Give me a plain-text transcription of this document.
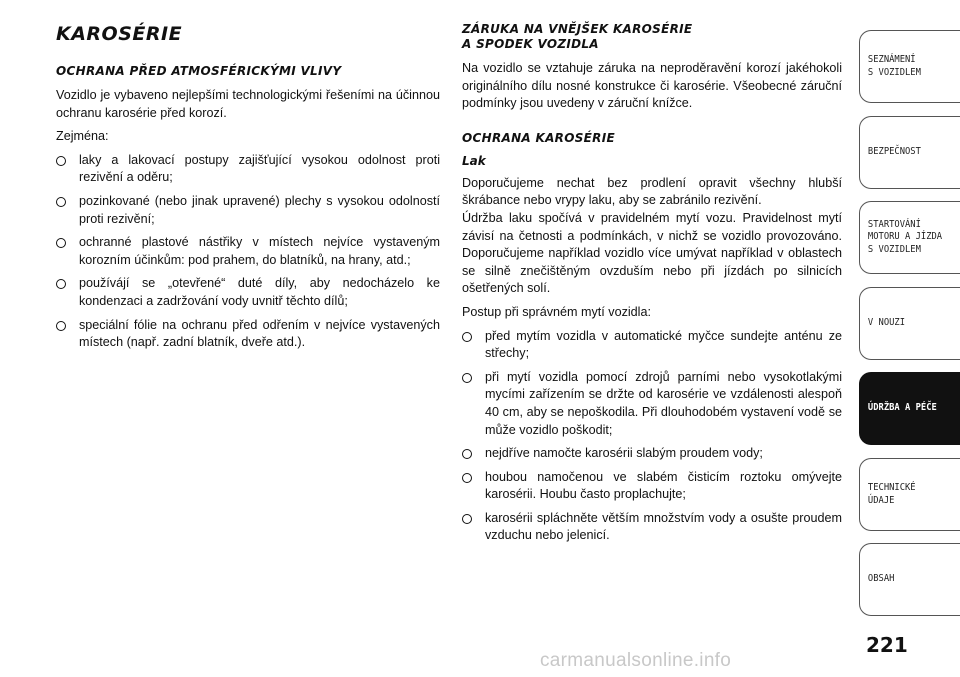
KAROSÉRIE
OCHRANA PŘED ATMOSFÉRICKÝMI VLIVY

Vozidlo je vybaveno nejlepšími technologickými řešeními na účinnou ochranu karosérie před korozí.

Zejména:

laky a lakovací postupy zajišťující vysokou odolnost proti rezivění a oděru;
pozinkované (nebo jinak upravené) plechy s vysokou odolností proti rezivění;
ochranné plastové nástřiky v místech nejvíce vystaveným korozním účinkům: pod prahem, do blatníků, na hrany, atd.;
používájí se „otevřené“ duté díly, aby nedocházelo ke kondenzaci a zadržování vody uvnitř těchto dílů;
speciální fólie na ochranu před odřením v nejvíce vystavených místech (např. zadní blatník, dveře atd.).
ZÁRUKA NA VNĚJŠEK KAROSÉRIE
A SPODEK VOZIDLA

Na vozidlo se vztahuje záruka na neproděravění korozí jakéhokoli originálního dílu nosné konstrukce či karosérie. Všeobecné záruční podmínky jsou uvedeny v záruční knížce.

OCHRANA KAROSÉRIE
Lak

Doporučujeme nechat bez prodlení opravit všechny hlubší škrábance nebo vrypy laku, aby se zabránilo rezivění.

Údržba laku spočívá v pravidelném mytí vozu. Pravidelnost mytí závisí na četnosti a podmínkách, v nichž se vozidlo provozováno. Doporučujeme například vozidlo více umývat například v oblastech se silně znečištěným ovzduším nebo při jízdách po silnicích ošetřených solí.

Postup při správném mytí vozidla:

před mytím vozidla v automatické myčce sundejte anténu ze střechy;
při mytí vozidla pomocí zdrojů parními nebo vysokotlakými mycími zařízením se držte od karosérie ve vzdálenosti alespoň 40 cm, aby se nepoškodila. Při dlouhodobém vystavení vodě se může vozidlo poškodit;
nejdříve namočte karosérii slabým proudem vody;
houbou namočenou ve slabém čisticím roztoku omývejte karosérii. Houbu často proplachujte;
karosérii spláchněte větším množstvím vody a osušte proudem vzduchu nebo jelenicí.
SEZNÁMENÍ
S VOZIDLEM
BEZPEČNOST
STARTOVÁNÍ
MOTORU A JÍZDA
S VOZIDLEM
V NOUZI
ÚDRŽBA A PÉČE
TECHNICKÉ
ÚDAJE
OBSAH
221
carmanualsonline.info
